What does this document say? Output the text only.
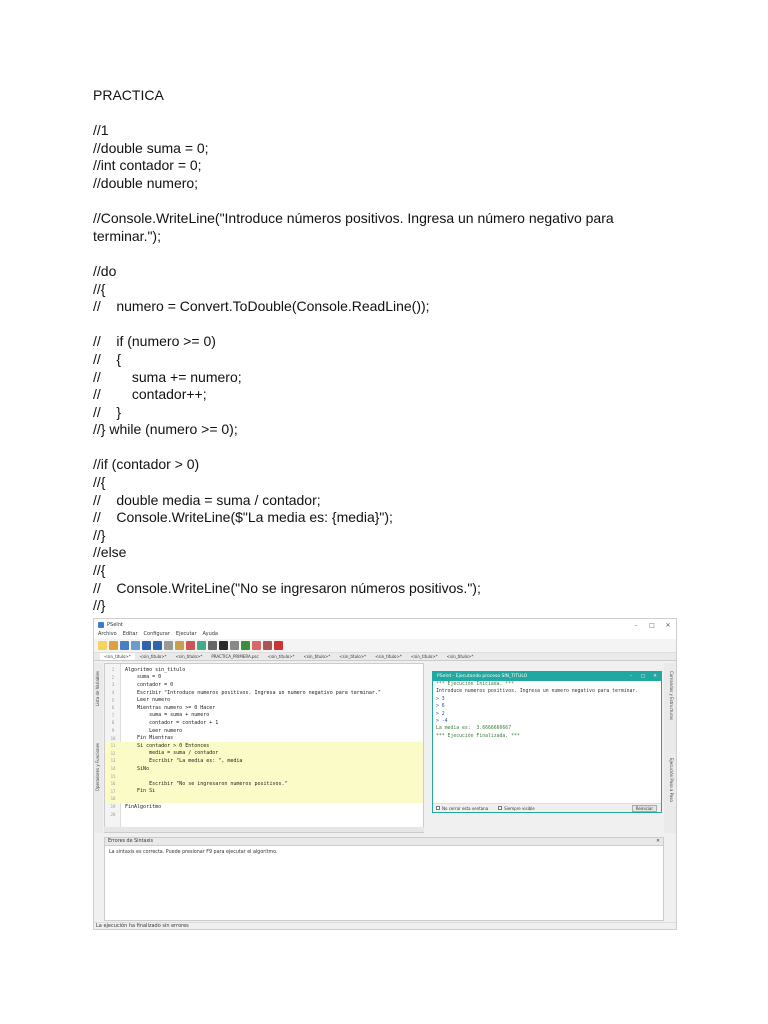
PRACTICA
//1
//double suma = 0;
//int contador = 0;
//double numero;
//Console.WriteLine("Introduce números positivos. Ingresa un número negativo para
terminar.");
//do
//{
//    numero = Convert.ToDouble(Console.ReadLine());
//    if (numero >= 0)
//    {
//        suma += numero;
//        contador++;
//    }
//} while (numero >= 0);
//if (contador > 0)
//{
//    double media = suma / contador;
//    Console.WriteLine($"La media es: {media}");
//}
//else
//{
//    Console.WriteLine("No se ingresaron números positivos.");
//}
PSeInt	–	□	✕
Archivo Editar Configurar Ejecutar Ayuda
<sin_titulo>*	<sin_titulo>*	<sin_titulo>*	PRACTICA_PRIMERA.psc	<sin_titulo>*	<sin_titulo>*	<sin_titulo>*	<sin_titulo>*	<sin_titulo>*	<sin_titulo>*
Lista de Variables
Operadores y Funciones
1	Algoritmo sin_titulo
2	suma = 0
3	contador = 0
4	Escribir "Introduce numeros positivos. Ingresa un numero negativo para terminar."
5	Leer numero
6	Mientras numero >= 0 Hacer
7	suma = suma + numero
8	contador = contador + 1
9	Leer numero
10	Fin Mientras
11	Si contador > 0 Entonces
12	media = suma / contador
13	Escribir "La media es: ", media
14	SiNo
15
16	Escribir "No se ingresaron numeros positivos."
17	Fin Si
18
19	FinAlgoritmo
20
PSeInt - Ejecutando proceso SIN_TITULO	–	□	✕
*** Ejecución Iniciada. ***
Introduce numeros positivos. Ingresa un numero negativo para terminar.
> 3
> 6
> 2
> -4
La media es:  3.6666666667
*** Ejecución Finalizada. ***
No cerrar esta ventana	Siempre visible	Reiniciar
Comandos y Estructuras
Ejecución Paso a Paso
Errores de Sintaxis	✕
La sintaxis es correcta. Puede presionar F9 para ejecutar el algoritmo.
La ejecución ha finalizado sin errores
